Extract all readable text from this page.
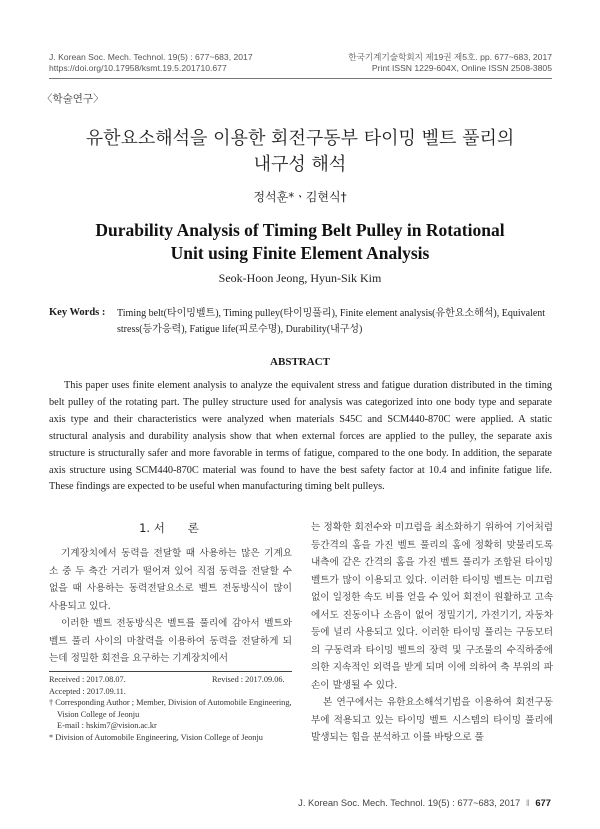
J. Korean Soc. Mech. Technol. 19(5) : 677~683, 2017
https://doi.org/10.17958/ksmt.19.5.201710.677
한국기계기술학회지 제19권 제5호. pp. 677~683, 2017
Print ISSN 1229-604X, Online ISSN 2508-3805
〈학술연구〉
유한요소해석을 이용한 회전구동부 타이밍 벨트 풀리의
내구성 해석
정석훈*ㆍ김현식†
Durability Analysis of Timing Belt Pulley in Rotational
Unit using Finite Element Analysis
Seok-Hoon Jeong, Hyun-Sik Kim
Key Words : Timing belt(타이밍벨트), Timing pulley(타이밍풀리), Finite element analysis(유한요소해석), Equivalent
stress(등가응력), Fatigue life(피로수명), Durability(내구성)
ABSTRACT
This paper uses finite element analysis to analyze the equivalent stress and fatigue duration distributed in the timing belt pulley of the rotating part. The pulley structure used for analysis was categorized into one body type and separate axis type and their characteristics were analyzed when materials S45C and SCM440-870C were applied. A static structural analysis and durability analysis show that when external forces are applied to the pulley, the separate axis structure is structurally safer and more favorable in terms of fatigue, compared to the one body. In addition, the separate axis structure using SCM440-870C material was found to have the best safety factor at 10.4 and infinite fatigue life. These findings are expected to be useful when manufacturing timing belt pulleys.
1. 서　　론

기계장치에서 동력을 전달할 때 사용하는 많은 기계요소 중 두 축간 거리가 떨어져 있어 직접 동력을 전달할 수 없을 때 사용하는 동력전달요소로 벨트 전동방식이 많이 사용되고 있다.

이러한 벨트 전동방식은 벨트를 풀리에 감아서 벨트와 벨트 풀리 사이의 마찰력을 이용하여 동력을 전달하게 되는데 정밀한 회전을 요구하는 기계장치에서

Received : 2017.08.07.	Revised : 2017.09.06.
Accepted : 2017.09.11.
† Corresponding Author ; Member, Division of Automobile Engineering, Vision College of Jeonju
E-mail : hskim7@vision.ac.kr
* Division of Automobile Engineering, Vision College of Jeonju

는 정확한 회전수와 미끄럼을 최소화하기 위하여 기어처럼 등간격의 홈을 가진 벨트 풀리의 홈에 정확히 맞물리도록 내측에 같은 간격의 홈을 가진 벨트 풀리가 조합된 타이밍 벨트가 많이 이용되고 있다. 이러한 타이밍 벨트는 미끄럼 없이 일정한 속도 비를 얻을 수 있어 회전이 원활하고 고속에서도 진동이나 소음이 없어 정밀기기, 가전기기, 자동차 등에 널리 사용되고 있다. 이러한 타이밍 풀리는 구동모터의 구동력과 타이밍 벨트의 장력 및 구조물의 수직하중에 의한 지속적인 외력을 받게 되며 이에 의하여 축 부위의 파손이 발생될 수 있다.

본 연구에서는 유한요소해석기법을 이용하여 회전구동부에 적용되고 있는 타이밍 벨트 시스템의 타이밍 풀리에 발생되는 힘을 분석하고 이를 바탕으로 풀

J. Korean Soc. Mech. Technol. 19(5) : 677~683, 2017 ‖ 677
